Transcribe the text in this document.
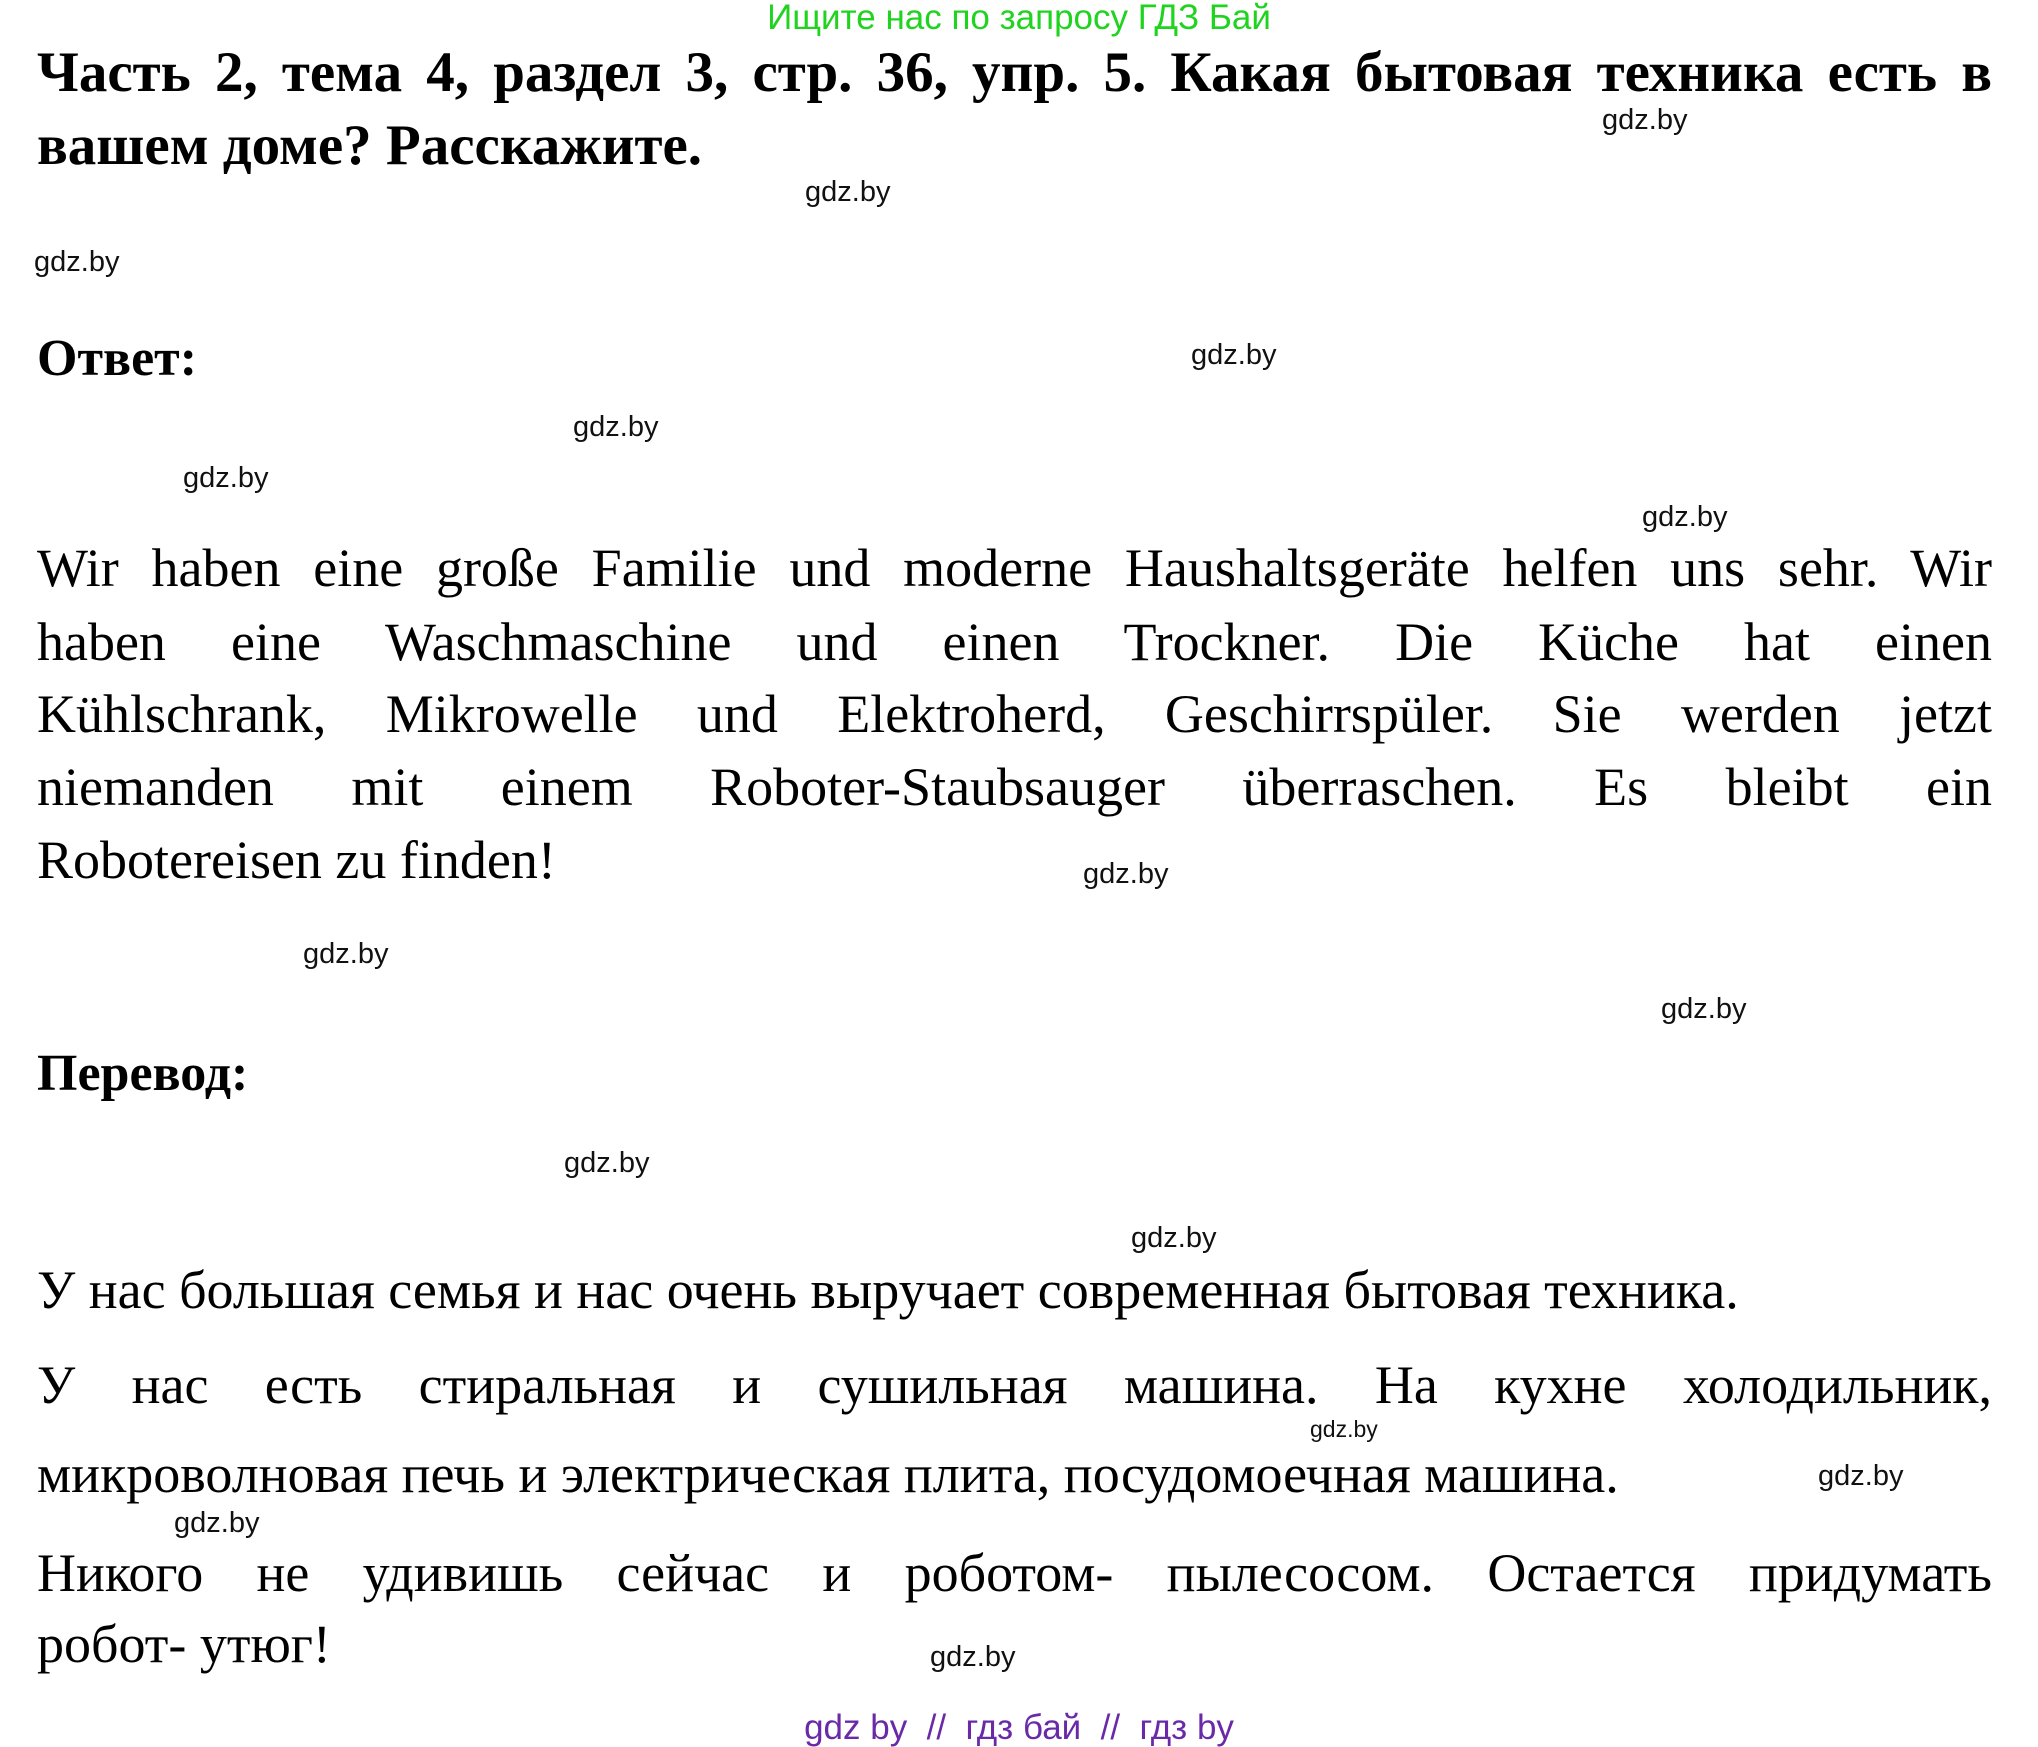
Ищите нас по запросу ГДЗ Бай
Часть 2, тема 4, раздел 3, стр. 36, упр. 5. Какая бытовая техника есть в
вашем доме? Расскажите.
Ответ:
Wir haben eine große Familie und moderne Haushaltsgeräte helfen uns sehr. Wir
haben eine Waschmaschine und einen Trockner. Die Küche hat einen
Kühlschrank, Mikrowelle und Elektroherd, Geschirrspüler. Sie werden jetzt
niemanden mit einem Roboter-Staubsauger überraschen. Es bleibt ein
Robotereisen zu finden!
Перевод:
У нас большая семья и нас очень выручает современная бытовая техника.
У нас есть стиральная и сушильная машина. На кухне холодильник,
микроволновая печь и электрическая плита, посудомоечная машина.
Никого не удивишь сейчас и роботом- пылесосом. Остается придумать
робот- утюг!
gdz.by
gdz.by
gdz.by
gdz.by
gdz.by
gdz.by
gdz.by
gdz.by
gdz.by
gdz.by
gdz.by
gdz.by
gdz.by
gdz.by
gdz.by
gdz.by
gdz by  //  гдз бай  //  гдз by
